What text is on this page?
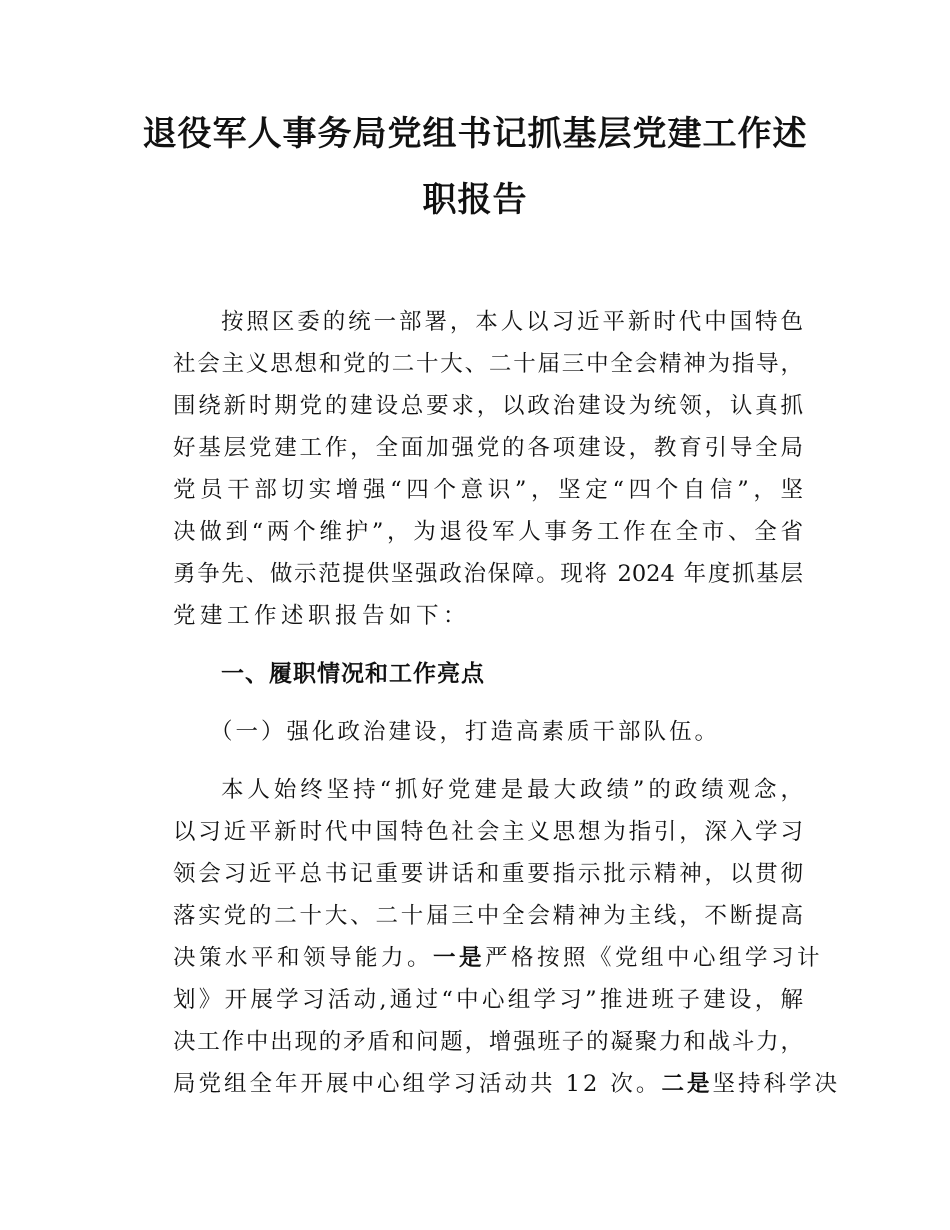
退役军人事务局党组书记抓基层党建工作述
职报告
按照区委的统一部署，本人以习近平新时代中国特色
社会主义思想和党的二十大、二十届三中全会精神为指导，
围绕新时期党的建设总要求，以政治建设为统领，认真抓
好基层党建工作，全面加强党的各项建设，教育引导全局
党员干部切实增强“四个意识”，坚定“四个自信”，坚
决做到“两个维护”，为退役军人事务工作在全市、全省
勇争先、做示范提供坚强政治保障。现将 2024 年度抓基层
党建工作述职报告如下：
一、履职情况和工作亮点
（一）强化政治建设，打造高素质干部队伍。
本人始终坚持“抓好党建是最大政绩”的政绩观念，
以习近平新时代中国特色社会主义思想为指引，深入学习
领会习近平总书记重要讲话和重要指示批示精神，以贯彻
落实党的二十大、二十届三中全会精神为主线，不断提高
决策水平和领导能力。一是严格按照《党组中心组学习计
划》开展学习活动,通过“中心组学习”推进班子建设，解
决工作中出现的矛盾和问题，增强班子的凝聚力和战斗力，
局党组全年开展中心组学习活动共 12 次。二是坚持科学决
